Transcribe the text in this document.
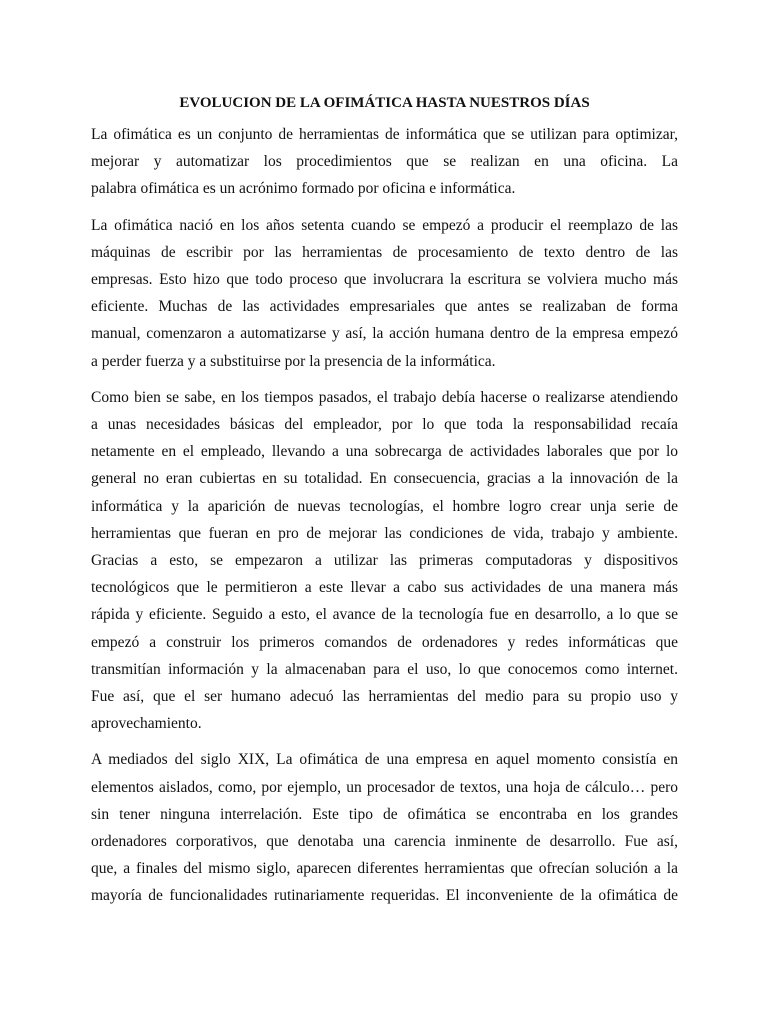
EVOLUCION DE LA OFIMÁTICA HASTA NUESTROS DÍAS
La ofimática es un conjunto de herramientas de informática que se utilizan para optimizar,
mejorar y automatizar los procedimientos que se realizan en una oficina. La
palabra ofimática es un acrónimo formado por oficina e informática.
La ofimática nació en los años setenta cuando se empezó a producir el reemplazo de las
máquinas de escribir por las herramientas de procesamiento de texto dentro de las
empresas. Esto hizo que todo proceso que involucrara la escritura se volviera mucho más
eficiente. Muchas de las actividades empresariales que antes se realizaban de forma
manual, comenzaron a automatizarse y así, la acción humana dentro de la empresa empezó
a perder fuerza y a substituirse por la presencia de la informática.
Como bien se sabe, en los tiempos pasados, el trabajo debía hacerse o realizarse atendiendo
a unas necesidades básicas del empleador, por lo que toda la responsabilidad recaía
netamente en el empleado, llevando a una sobrecarga de actividades laborales que por lo
general no eran cubiertas en su totalidad. En consecuencia, gracias a la innovación de la
informática y la aparición de nuevas tecnologías, el hombre logro crear unja serie de
herramientas que fueran en pro de mejorar las condiciones de vida, trabajo y ambiente.
Gracias a esto, se empezaron a utilizar las primeras computadoras y dispositivos
tecnológicos que le permitieron a este llevar a cabo sus actividades de una manera más
rápida y eficiente. Seguido a esto, el avance de la tecnología fue en desarrollo, a lo que se
empezó a construir los primeros comandos de ordenadores y redes informáticas que
transmitían información y la almacenaban para el uso, lo que conocemos como internet.
Fue así, que el ser humano adecuó las herramientas del medio para su propio uso y
aprovechamiento.
A mediados del siglo XIX, La ofimática de una empresa en aquel momento consistía en
elementos aislados, como, por ejemplo, un procesador de textos, una hoja de cálculo… pero
sin tener ninguna interrelación. Este tipo de ofimática se encontraba en los grandes
ordenadores corporativos, que denotaba una carencia inminente de desarrollo. Fue así,
que, a finales del mismo siglo, aparecen diferentes herramientas que ofrecían solución a la
mayoría de funcionalidades rutinariamente requeridas. El inconveniente de la ofimática de
